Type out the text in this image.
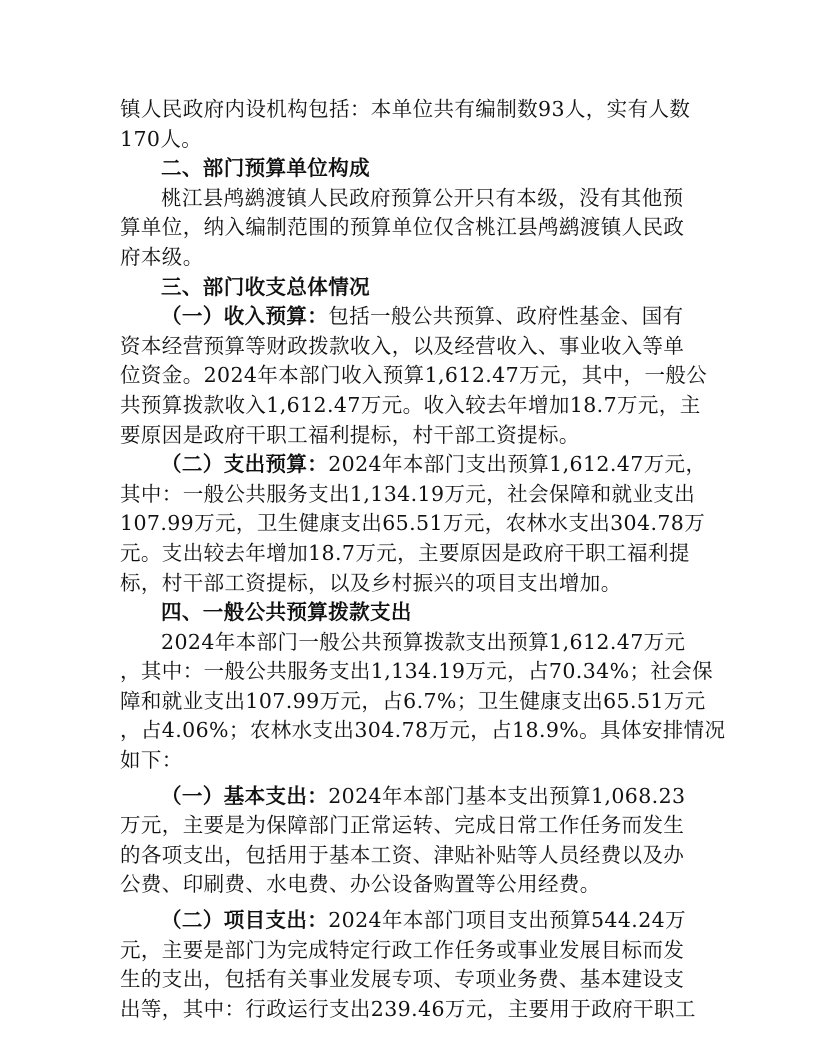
镇人民政府内设机构包括：本单位共有编制数93人，实有人数
170人。
二、部门预算单位构成
桃江县鸬鹚渡镇人民政府预算公开只有本级，没有其他预
算单位，纳入编制范围的预算单位仅含桃江县鸬鹚渡镇人民政
府本级。
三、部门收支总体情况
（一）收入预算：包括一般公共预算、政府性基金、国有
资本经营预算等财政拨款收入，以及经营收入、事业收入等单
位资金。2024年本部门收入预算1,612.47万元，其中，一般公
共预算拨款收入1,612.47万元。收入较去年增加18.7万元，主
要原因是政府干职工福利提标，村干部工资提标。
（二）支出预算：2024年本部门支出预算1,612.47万元，
其中：一般公共服务支出1,134.19万元，社会保障和就业支出
107.99万元，卫生健康支出65.51万元，农林水支出304.78万
元。支出较去年增加18.7万元，主要原因是政府干职工福利提
标，村干部工资提标，以及乡村振兴的项目支出增加。
四、一般公共预算拨款支出
2024年本部门一般公共预算拨款支出预算1,612.47万元
，其中：一般公共服务支出1,134.19万元，占70.34%；社会保
障和就业支出107.99万元，占6.7%；卫生健康支出65.51万元
，占4.06%；农林水支出304.78万元，占18.9%。具体安排情况
如下：
（一）基本支出：2024年本部门基本支出预算1,068.23
万元，主要是为保障部门正常运转、完成日常工作任务而发生
的各项支出，包括用于基本工资、津贴补贴等人员经费以及办
公费、印刷费、水电费、办公设备购置等公用经费。
（二）项目支出：2024年本部门项目支出预算544.24万
元，主要是部门为完成特定行政工作任务或事业发展目标而发
生的支出，包括有关事业发展专项、专项业务费、基本建设支
出等，其中：行政运行支出239.46万元，主要用于政府干职工
